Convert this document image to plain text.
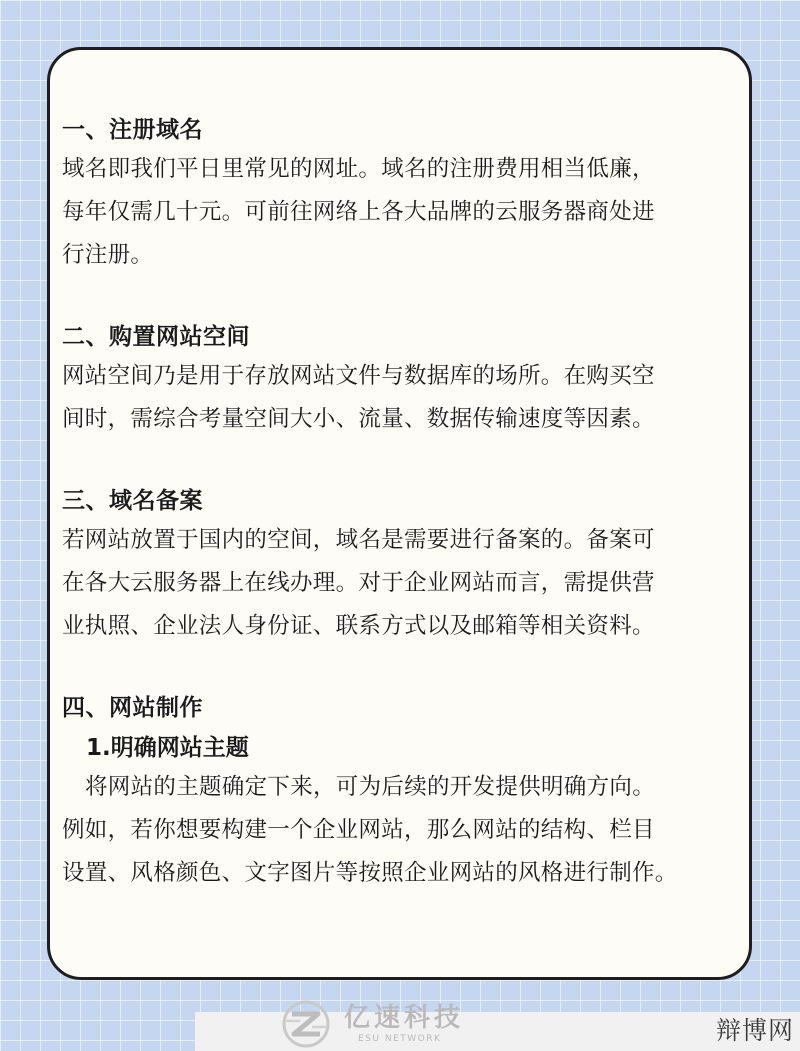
一、注册域名

域名即我们平日里常见的网址。域名的注册费用相当低廉，

每年仅需几十元。可前往网络上各大品牌的云服务器商处进

行注册。

二、购置网站空间

网站空间乃是用于存放网站文件与数据库的场所。在购买空

间时，需综合考量空间大小、流量、数据传输速度等因素。

三、域名备案

若网站放置于国内的空间，域名是需要进行备案的。备案可

在各大云服务器上在线办理。对于企业网站而言，需提供营

业执照、企业法人身份证、联系方式以及邮箱等相关资料。

四、网站制作

1.明确网站主题

将网站的主题确定下来，可为后续的开发提供明确方向。

例如，若你想要构建一个企业网站，那么网站的结构、栏目

设置、风格颜色、文字图片等按照企业网站的风格进行制作。

亿速科技
ESU NETWORK	辩博网
